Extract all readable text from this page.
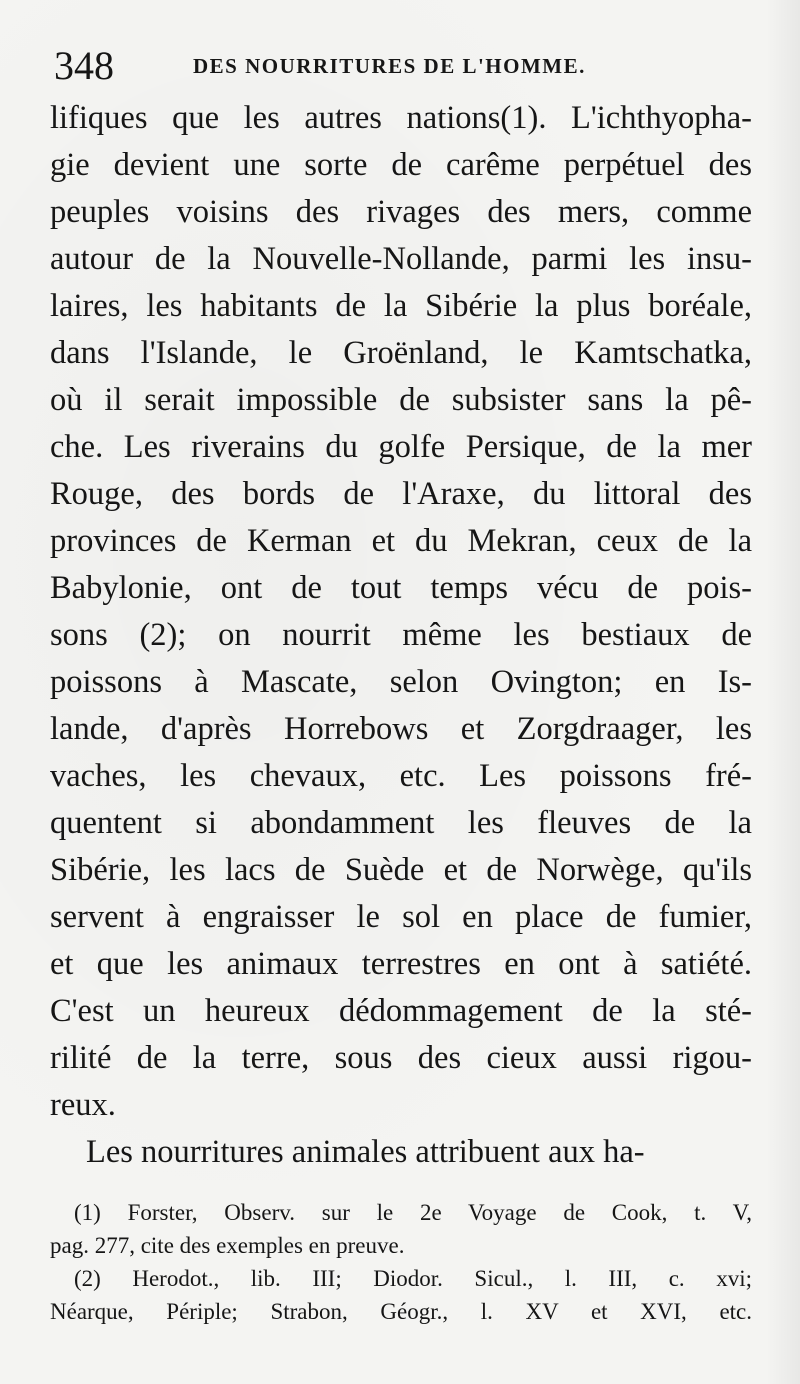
348	DES NOURRITURES DE L'HOMME.
lifiques que les autres nations(1). L'ichthyopha-
gie devient une sorte de carême perpétuel des
peuples voisins des rivages des mers, comme
autour de la Nouvelle-Nollande, parmi les insu-
laires, les habitants de la Sibérie la plus boréale,
dans l'Islande, le Groënland, le Kamtschatka,
où il serait impossible de subsister sans la pê-
che. Les riverains du golfe Persique, de la mer
Rouge, des bords de l'Araxe, du littoral des
provinces de Kerman et du Mekran, ceux de la
Babylonie, ont de tout temps vécu de pois-
sons (2); on nourrit même les bestiaux de
poissons à Mascate, selon Ovington; en Is-
lande, d'après Horrebows et Zorgdraager, les
vaches, les chevaux, etc. Les poissons fré-
quentent si abondamment les fleuves de la
Sibérie, les lacs de Suède et de Norwège, qu'ils
servent à engraisser le sol en place de fumier,
et que les animaux terrestres en ont à satiété.
C'est un heureux dédommagement de la sté-
rilité de la terre, sous des cieux aussi rigou-
reux.
Les nourritures animales attribuent aux ha-
(1) Forster, Observ. sur le 2e Voyage de Cook, t. V,
pag. 277, cite des exemples en preuve.
(2) Herodot., lib. III; Diodor. Sicul., l. III, c. xvi;
Néarque, Périple; Strabon, Géogr., l. XV et XVI, etc.
